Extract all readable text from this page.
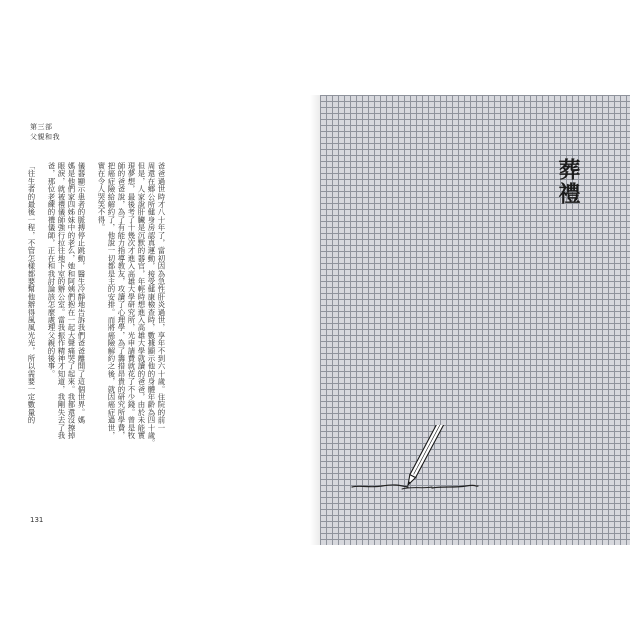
第三部
父親和我
爸爸過世時才八十年了，當初因為急性肝炎過世，享年不到六十歲。住院的前一
周還在鄉公所健身房認真運動，接受健康檢查時，數據顯示他的身體年齡為四十歲。
但是，人家說肝臟是沉默的器官，年輕時想進入高雄大學就讀的爸爸，由於未能實
現夢想，最後考了十幾次才進入高雄大學研究所，光申請費就花了不少錢。曾是牧
師的爸爸說，為了有能力指導教友，攻讀了心理學，為了籌措昂貴的研究所學費，
把癌症險給解約了，他說一切都是主的安排。而將癌險解約之後，就因癌症過世，
實在令人哭笑不得。
儀器顯示患者的脈搏停止跳動，醫生冷靜地告訴我們爸爸離開了這個世界。媽
媽是他們家四姊妹中的老么，她和阿姨們抱在一起大聲痛哭了起來。我都還沒擦掉
眼淚，就被禮儀師強行拉往地下室的辦公室。當我振作精神才知道，我剛失去了我
爸，那位老練的禮儀師，正在和我討論該怎麼處理父親的後事。
「往生者的最後一程，不管怎樣都要幫他辦得風風光光，所以需要一定數量的
131
葬禮
